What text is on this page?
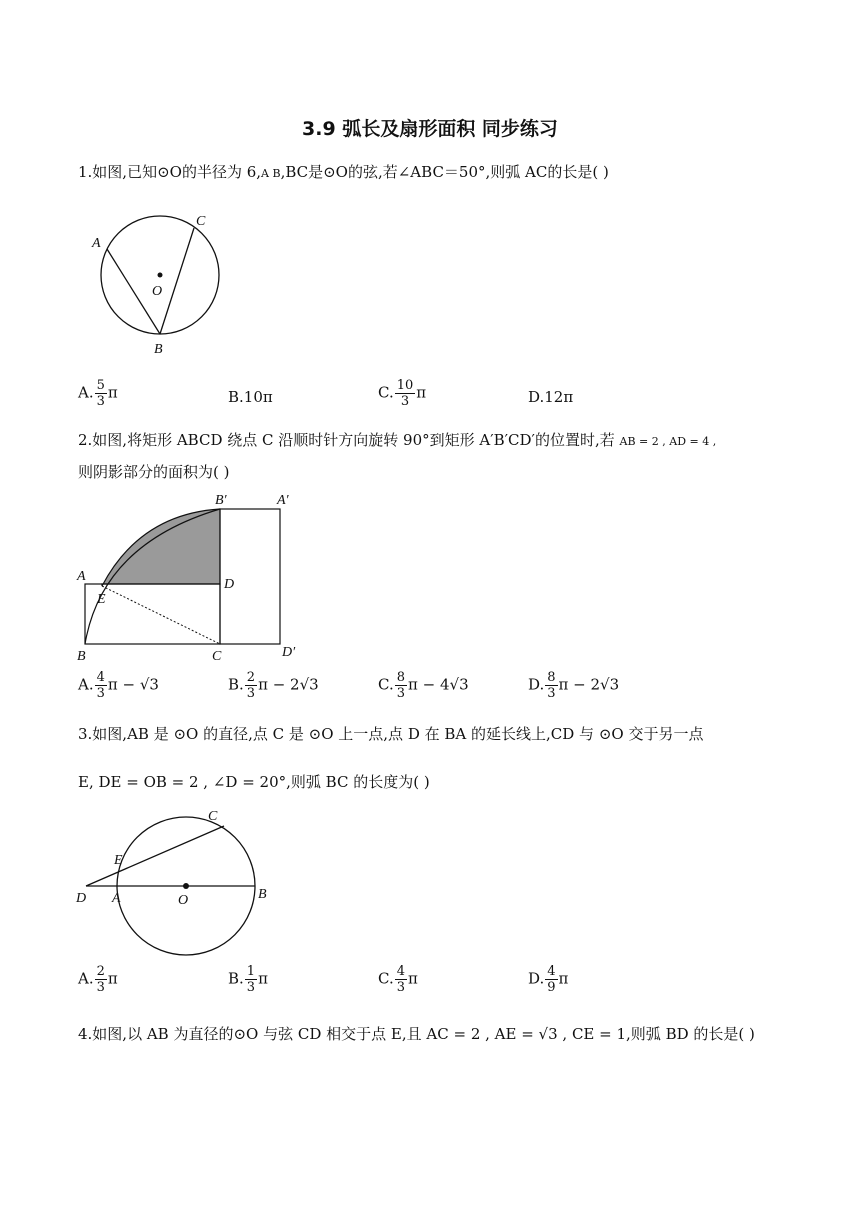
3.9 弧长及扇形面积 同步练习
1.如图,已知⊙O的半径为 6,A B,BC是⊙O的弦,若∠ABC＝50°,则弧 AC的长是( )
A
C
O
B
A. $\frac{5}{3}$ π	B.10π	C. $\frac{10}{3}$ π	D.12π
2.如图,将矩形 ABCD 绕点 C 沿顺时针方向旋转 90°到矩形 A′B′CD′的位置时,若 AB = 2 , AD = 4 ,
则阴影部分的面积为( )
A
E
B	C
D
B′	A′
D′
A. $\frac{4}{3}$ π − √3	B. $\frac{2}{3}$ π − 2√3	C. $\frac{8}{3}$ π − 4√3	D. $\frac{8}{3}$ π − 2√3
3.如图,AB 是 ⊙O 的直径,点 C 是 ⊙O 上一点,点 D 在 BA 的延长线上,CD 与 ⊙O 交于另一点
E, DE = OB = 2 , ∠D = 20°,则弧 BC 的长度为( )
C
E
D A	O	B
A. $\frac{2}{3}$ π	B. $\frac{1}{3}$ π	C. $\frac{4}{3}$ π	D. $\frac{4}{9}$ π
4.如图,以 AB 为直径的⊙O 与弦 CD 相交于点 E,且 AC = 2 , AE = √3 , CE = 1,则弧 BD 的长是( )
